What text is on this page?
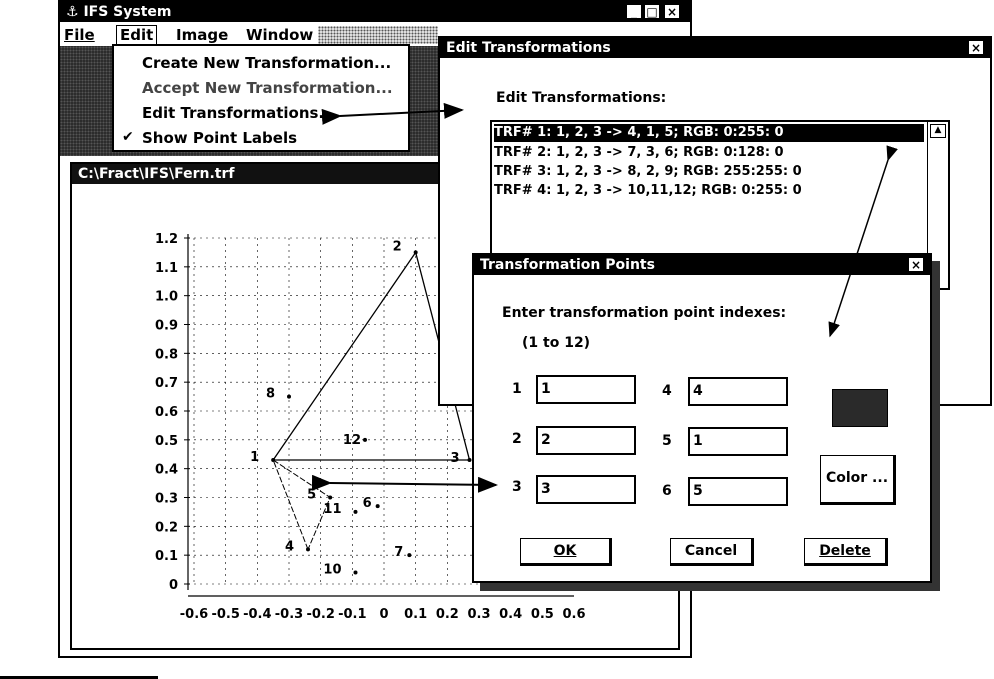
⚓ IFS System	_ □ ×
File Edit Image Window
C:\Fract\IFS\Fern.trf
-0.6 -0.5 -0.4 -0.3 -0.2 -0.1 0 0.1 0.2 0.3 0.4 0.5 0.6
1.2
1.1
1.0
0.9
0.8
0.7
0.6
0.5
0.4
0.3
0.2
0.1
0
1
2
3
4
5
6
7
8
10
11
12
Create New Transformation...
Accept New Transformation...
Edit Transformations...
Show Point Labels
✔
Edit Transformations	×
Edit Transformations:
TRF# 1: 1, 2, 3 -> 4, 1, 5; RGB: 0:255: 0
TRF# 2: 1, 2, 3 -> 7, 3, 6; RGB: 0:128: 0
TRF# 3: 1, 2, 3 -> 8, 2, 9; RGB: 255:255: 0
TRF# 4: 1, 2, 3 -> 10,11,12; RGB: 0:255: 0
▲
Transformation Points	×
Enter transformation point indexes:
(1 to 12)
1	1
2	2
3	3
4	4
5	1
6	5
Color ...
OK	Cancel	Delete
